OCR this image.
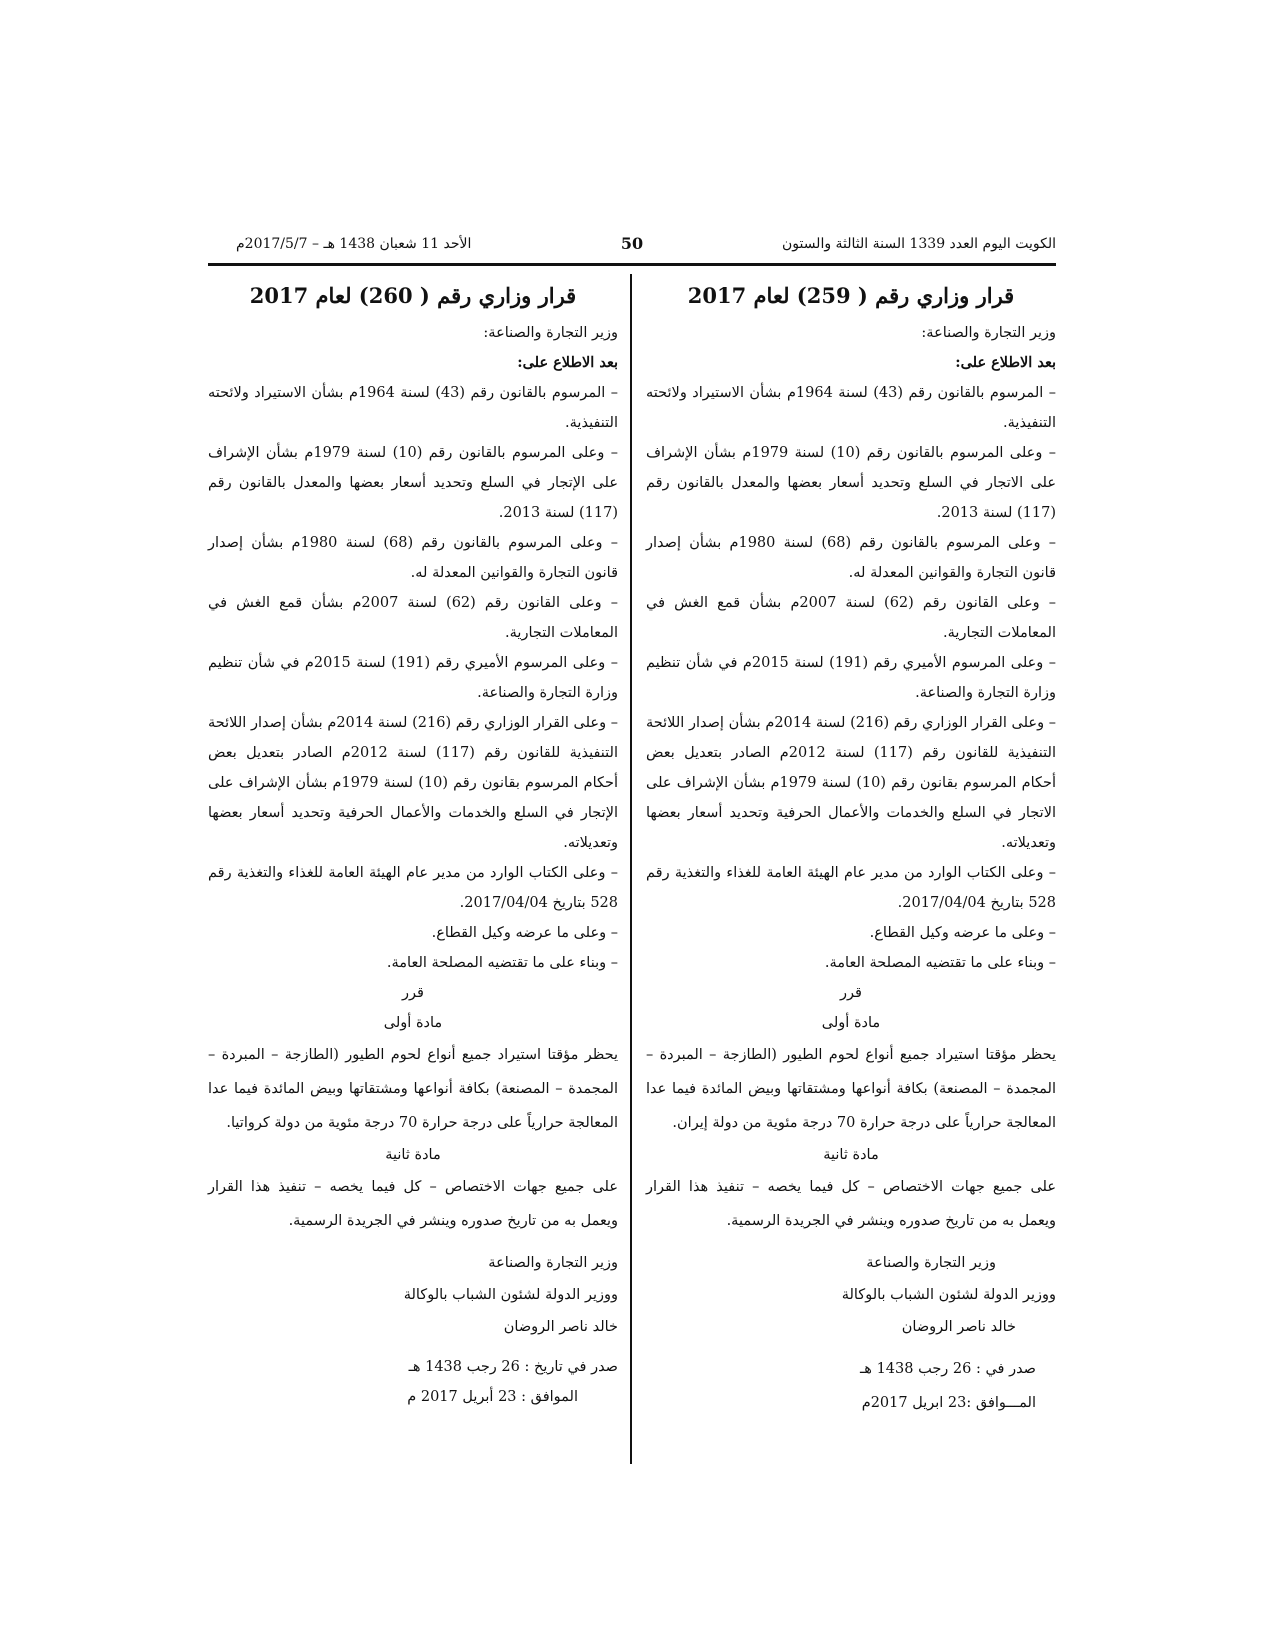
الكويت اليوم العدد 1339 السنة الثالثة والستون
50
الأحد 11 شعبان 1438 هـ – 2017/5/7م

قرار وزاري رقم ( 259) لعام 2017

وزير التجارة والصناعة:

بعد الاطلاع على:

– المرسوم بالقانون رقم (43) لسنة 1964م بشأن الاستيراد ولائحته التنفيذية.

– وعلى المرسوم بالقانون رقم (10) لسنة 1979م بشأن الإشراف على الاتجار في السلع وتحديد أسعار بعضها والمعدل بالقانون رقم (117) لسنة 2013.

– وعلى المرسوم بالقانون رقم (68) لسنة 1980م بشأن إصدار قانون التجارة والقوانين المعدلة له.

– وعلى القانون رقم (62) لسنة 2007م بشأن قمع الغش في المعاملات التجارية.

– وعلى المرسوم الأميري رقم (191) لسنة 2015م في شأن تنظيم وزارة التجارة والصناعة.

– وعلى القرار الوزاري رقم (216) لسنة 2014م بشأن إصدار اللائحة التنفيذية للقانون رقم (117) لسنة 2012م الصادر بتعديل بعض أحكام المرسوم بقانون رقم (10) لسنة 1979م بشأن الإشراف على الاتجار في السلع والخدمات والأعمال الحرفية وتحديد أسعار بعضها وتعديلاته.

– وعلى الكتاب الوارد من مدير عام الهيئة العامة للغذاء والتغذية رقم 528 بتاريخ 2017/04/04.

– وعلى ما عرضه وكيل القطاع.

– وبناء على ما تقتضيه المصلحة العامة.

قرر

مادة أولى

يحظر مؤقتا استيراد جميع أنواع لحوم الطيور (الطازجة – المبردة – المجمدة – المصنعة) بكافة أنواعها ومشتقاتها وبيض المائدة فيما عدا المعالجة حرارياً على درجة حرارة 70 درجة مئوية من دولة إيران.

مادة ثانية

على جميع جهات الاختصاص – كل فيما يخصه – تنفيذ هذا القرار ويعمل به من تاريخ صدوره وينشر في الجريدة الرسمية.

وزير التجارة والصناعة

ووزير الدولة لشئون الشباب بالوكالة

خالد ناصر الروضان

صدر في : 26 رجب 1438 هـ

المـــوافق :23 ابريل 2017م

قرار وزاري رقم ( 260) لعام 2017

وزير التجارة والصناعة:

بعد الاطلاع على:

– المرسوم بالقانون رقم (43) لسنة 1964م بشأن الاستيراد ولائحته التنفيذية.

– وعلى المرسوم بالقانون رقم (10) لسنة 1979م بشأن الإشراف على الإتجار في السلع وتحديد أسعار بعضها والمعدل بالقانون رقم (117) لسنة 2013.

– وعلى المرسوم بالقانون رقم (68) لسنة 1980م بشأن إصدار قانون التجارة والقوانين المعدلة له.

– وعلى القانون رقم (62) لسنة 2007م بشأن قمع الغش في المعاملات التجارية.

– وعلى المرسوم الأميري رقم (191) لسنة 2015م في شأن تنظيم وزارة التجارة والصناعة.

– وعلى القرار الوزاري رقم (216) لسنة 2014م بشأن إصدار اللائحة التنفيذية للقانون رقم (117) لسنة 2012م الصادر بتعديل بعض أحكام المرسوم بقانون رقم (10) لسنة 1979م بشأن الإشراف على الإتجار في السلع والخدمات والأعمال الحرفية وتحديد أسعار بعضها وتعديلاته.

– وعلى الكتاب الوارد من مدير عام الهيئة العامة للغذاء والتغذية رقم 528 بتاريخ 2017/04/04.

– وعلى ما عرضه وكيل القطاع.

– وبناء على ما تقتضيه المصلحة العامة.

قرر

مادة أولى

يحظر مؤقتا استيراد جميع أنواع لحوم الطيور (الطازجة – المبردة – المجمدة – المصنعة) بكافة أنواعها ومشتقاتها وبيض المائدة فيما عدا المعالجة حرارياً على درجة حرارة 70 درجة مئوية من دولة كرواتيا.

مادة ثانية

على جميع جهات الاختصاص – كل فيما يخصه – تنفيذ هذا القرار ويعمل به من تاريخ صدوره وينشر في الجريدة الرسمية.

وزير التجارة والصناعة

ووزير الدولة لشئون الشباب بالوكالة

خالد ناصر الروضان

صدر في تاريخ : 26 رجب 1438 هـ

الموافق : 23 أبريل 2017 م
